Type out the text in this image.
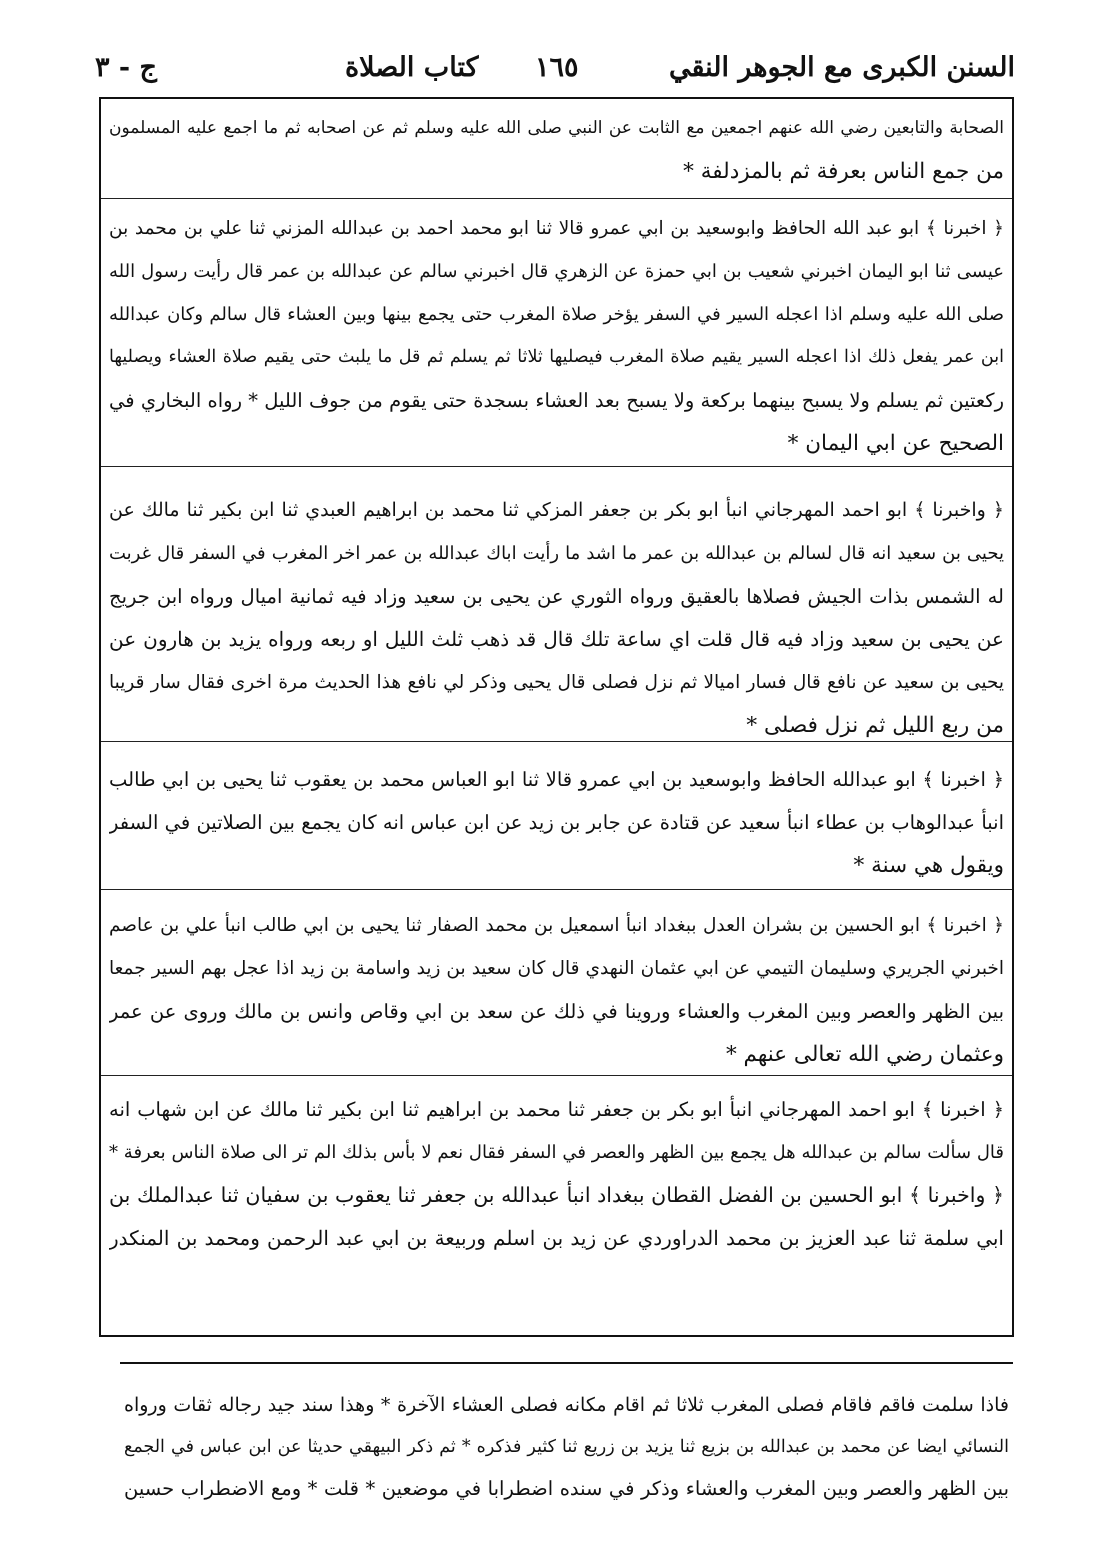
السنن الكبرى مع الجوهر النقي
١٦٥
كتاب الصلاة
ج - ٣
الصحابة والتابعين رضي الله عنهم اجمعين مع الثابت عن النبي صلى الله عليه وسلم ثم عن اصحابه ثم ما اجمع عليه المسلمون
من جمع الناس بعرفة ثم بالمزدلفة *
﴿ اخبرنا ﴾ ابو عبد الله الحافظ وابوسعيد بن ابي عمرو قالا ثنا ابو محمد احمد بن عبدالله المزني ثنا علي بن محمد بن
عيسى ثنا ابو اليمان اخبرني شعيب بن ابي حمزة عن الزهري قال اخبرني سالم عن عبدالله بن عمر قال رأيت رسول الله
صلى الله عليه وسلم اذا اعجله السير في السفر يؤخر صلاة المغرب حتى يجمع بينها وبين العشاء قال سالم وكان عبدالله
ابن عمر يفعل ذلك اذا اعجله السير يقيم صلاة المغرب فيصليها ثلاثا ثم يسلم ثم قل ما يلبث حتى يقيم صلاة العشاء ويصليها
ركعتين ثم يسلم ولا يسبح بينهما بركعة ولا يسبح بعد العشاء بسجدة حتى يقوم من جوف الليل * رواه البخاري في
الصحيح عن ابي اليمان *
﴿ واخبرنا ﴾ ابو احمد المهرجاني انبأ ابو بكر بن جعفر المزكي ثنا محمد بن ابراهيم العبدي ثنا ابن بكير ثنا مالك عن
يحيى بن سعيد انه قال لسالم بن عبدالله بن عمر ما اشد ما رأيت اباك عبدالله بن عمر اخر المغرب في السفر قال غربت
له الشمس بذات الجيش فصلاها بالعقيق ورواه الثوري عن يحيى بن سعيد وزاد فيه ثمانية اميال ورواه ابن جريج
عن يحيى بن سعيد وزاد فيه قال قلت اي ساعة تلك قال قد ذهب ثلث الليل او ربعه ورواه يزيد بن هارون عن
يحيى بن سعيد عن نافع قال فسار اميالا ثم نزل فصلى قال يحيى وذكر لي نافع هذا الحديث مرة اخرى فقال سار قريبا
من ربع الليل ثم نزل فصلى *
﴿ اخبرنا ﴾ ابو عبدالله الحافظ وابوسعيد بن ابي عمرو قالا ثنا ابو العباس محمد بن يعقوب ثنا يحيى بن ابي طالب
انبأ عبدالوهاب بن عطاء انبأ سعيد عن قتادة عن جابر بن زيد عن ابن عباس انه كان يجمع بين الصلاتين في السفر
ويقول هي سنة *
﴿ اخبرنا ﴾ ابو الحسين بن بشران العدل ببغداد انبأ اسمعيل بن محمد الصفار ثنا يحيى بن ابي طالب انبأ علي بن عاصم
اخبرني الجريري وسليمان التيمي عن ابي عثمان النهدي قال كان سعيد بن زيد واسامة بن زيد اذا عجل بهم السير جمعا
بين الظهر والعصر وبين المغرب والعشاء وروينا في ذلك عن سعد بن ابي وقاص وانس بن مالك وروى عن عمر
وعثمان رضي الله تعالى عنهم *
﴿ اخبرنا ﴾ ابو احمد المهرجاني انبأ ابو بكر بن جعفر ثنا محمد بن ابراهيم ثنا ابن بكير ثنا مالك عن ابن شهاب انه
قال سألت سالم بن عبدالله هل يجمع بين الظهر والعصر في السفر فقال نعم لا بأس بذلك الم تر الى صلاة الناس بعرفة *
﴿ واخبرنا ﴾ ابو الحسين بن الفضل القطان ببغداد انبأ عبدالله بن جعفر ثنا يعقوب بن سفيان ثنا عبدالملك بن
ابي سلمة ثنا عبد العزيز بن محمد الدراوردي عن زيد بن اسلم وربيعة بن ابي عبد الرحمن ومحمد بن المنكدر
فاذا سلمت فاقم فاقام فصلى المغرب ثلاثا ثم اقام مكانه فصلى العشاء الآخرة * وهذا سند جيد رجاله ثقات ورواه
النسائي ايضا عن محمد بن عبدالله بن بزيع ثنا يزيد بن زريع ثنا كثير فذكره * ثم ذكر البيهقي حديثا عن ابن عباس في الجمع
بين الظهر والعصر وبين المغرب والعشاء وذكر في سنده اضطرابا في موضعين * قلت * ومع الاضطراب حسين
